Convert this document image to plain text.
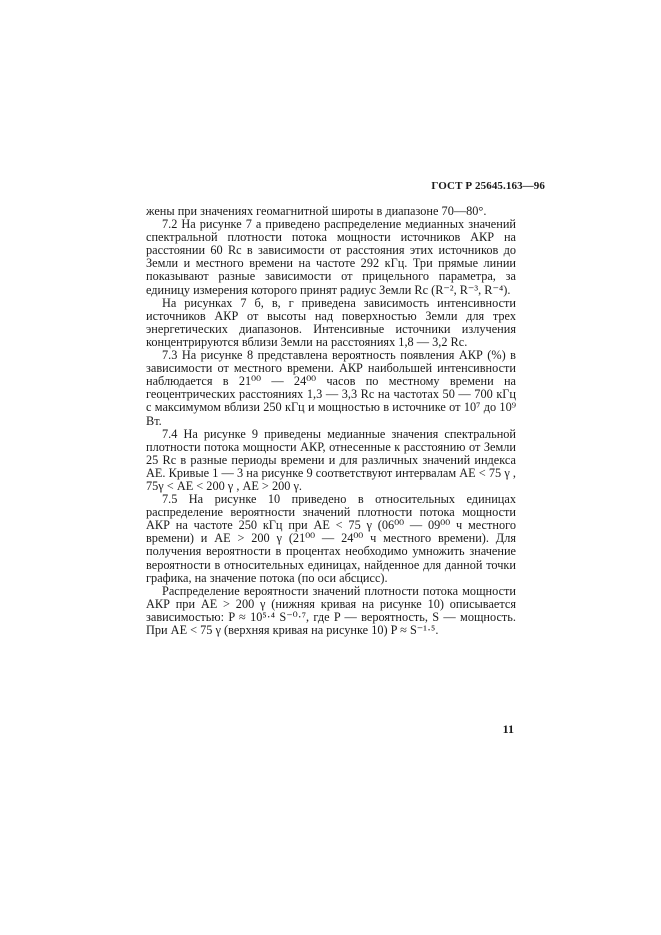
ГОСТ Р 25645.163—96

жены при значениях геомагнитной широты в диапазоне 70—80°.

7.2 На рисунке 7 а приведено распределение медианных значений спектральной плотности потока мощности источников АКР на расстоянии 60 Rс в зависимости от расстояния этих источников до Земли и местного времени на частоте 292 кГц. Три прямые линии показывают разные зависимости от прицельного параметра, за единицу измерения которого принят радиус Земли Rс (R⁻², R⁻³, R⁻⁴).

На рисунках 7 б, в, г приведена зависимость интенсивности источников АКР от высоты над поверхностью Земли для трех энергетических диапазонов. Интенсивные источники излучения концентрируются вблизи Земли на расстояниях 1,8 — 3,2 Rс.

7.3 На рисунке 8 представлена вероятность появления АКР (%) в зависимости от местного времени. АКР наибольшей интенсивности наблюдается в 21⁰⁰ — 24⁰⁰ часов по местному времени на геоцентрических расстояниях 1,3 — 3,3 Rс на частотах 50 — 700 кГц с максимумом вблизи 250 кГц и мощностью в источнике от 10⁷ до 10⁹ Вт.

7.4 На рисунке 9 приведены медианные значения спектральной плотности потока мощности АКР, отнесенные к расстоянию от Земли 25 Rс в разные периоды времени и для различных значений индекса АЕ. Кривые 1 — 3 на рисунке 9 соответствуют интервалам АЕ < 75 γ , 75γ < АЕ < 200 γ , АЕ > 200 γ.

7.5 На рисунке 10 приведено в относительных единицах распределение вероятности значений плотности потока мощности АКР на частоте 250 кГц при АЕ < 75 γ (06⁰⁰ — 09⁰⁰ ч местного времени) и АЕ > 200 γ (21⁰⁰ — 24⁰⁰ ч местного времени). Для получения вероятности в процентах необходимо умножить значение вероятности в относительных единицах, найденное для данной точки графика, на значение потока (по оси абсцисс).

Распределение вероятности значений плотности потока мощности АКР при АЕ > 200 γ (нижняя кривая на рисунке 10) описывается зависимостью: P ≈ 10⁵·⁴ S⁻⁰·⁷, где P — вероятность, S — мощность. При АЕ < 75 γ (верхняя кривая на рисунке 10) P ≈ S⁻¹·⁵.

11
